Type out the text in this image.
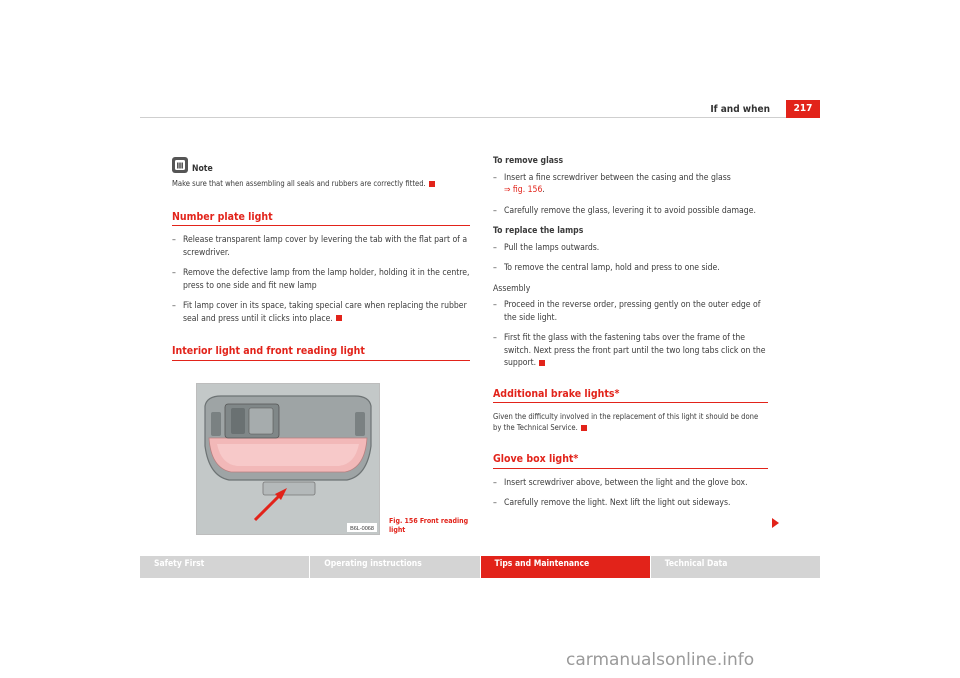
If and when	217
Note
Make sure that when assembling all seals and rubbers are correctly fitted.
Number plate light
– Release transparent lamp cover by levering the tab with the flat part of a screwdriver.
– Remove the defective lamp from the lamp holder, holding it in the centre, press to one side and fit new lamp
– Fit lamp cover in its space, taking special care when replacing the rubber seal and press until it clicks into place.
Interior light and front reading light
B6L-0068
Fig. 156 Front reading light
To remove glass
– Insert a fine screwdriver between the casing and the glass
⇒ fig. 156.
– Carefully remove the glass, levering it to avoid possible damage.
To replace the lamps
– Pull the lamps outwards.
– To remove the central lamp, hold and press to one side.
Assembly
– Proceed in the reverse order, pressing gently on the outer edge of the side light.
– First fit the glass with the fastening tabs over the frame of the switch. Next press the front part until the two long tabs click on the support.
Additional brake lights*
Given the difficulty involved in the replacement of this light it should be done by the Technical Service.
Glove box light*
– Insert screwdriver above, between the light and the glove box.
– Carefully remove the light. Next lift the light out sideways.
Safety First	Operating instructions	Tips and Maintenance	Technical Data
carmanualsonline.info
